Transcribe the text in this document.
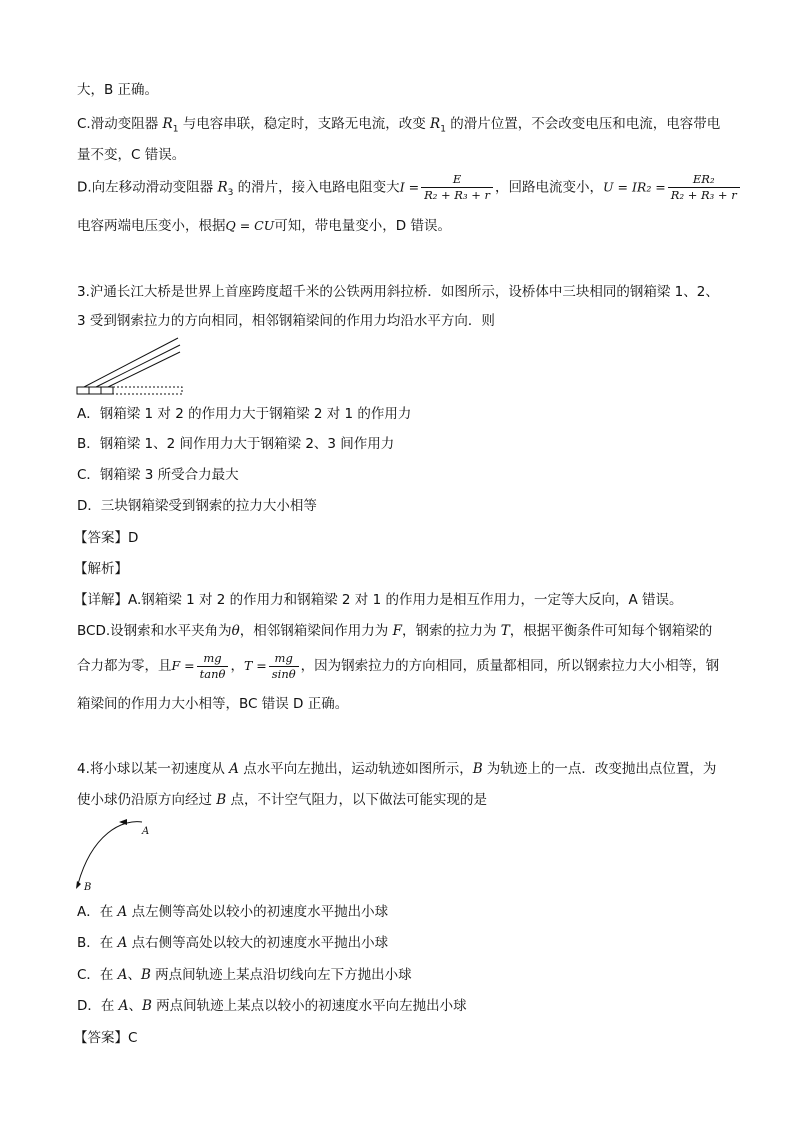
大，B 正确。
C.滑动变阻器 $R_1$ 与电容串联，稳定时，支路无电流，改变 $R_1$ 的滑片位置，不会改变电压和电流，电容带电
量不变，C 错误。
D.向左移动滑动变阻器 $R_3$ 的滑片，接入电路电阻变大$I = \frac{E}{\text{R₂ + R₃ + r}}$ ，回路电流变小，$U = IR_2 = \frac{\text{ER₂}}{\text{R₂ + R₃ + r}}$
电容两端电压变小，根据Q = CU可知，带电量变小，D 错误。
3.沪通长江大桥是世界上首座跨度超千米的公铁两用斜拉桥．如图所示，设桥体中三块相同的钢箱梁 1、2、
3 受到钢索拉力的方向相同，相邻钢箱梁间的作用力均沿水平方向．则
A．钢箱梁 1 对 2 的作用力大于钢箱梁 2 对 1 的作用力
B．钢箱梁 1、2 间作用力大于钢箱梁 2、3 间作用力
C．钢箱梁 3 所受合力最大
D．三块钢箱梁受到钢索的拉力大小相等
【答案】D
【解析】
【详解】A.钢箱梁 1 对 2 的作用力和钢箱梁 2 对 1 的作用力是相互作用力，一定等大反向，A 错误。
BCD.设钢索和水平夹角为θ，相邻钢箱梁间作用力为 F，钢索的拉力为 T，根据平衡条件可知每个钢箱梁的
合力都为零，且$F = \frac{mg}{\tan\theta}$ ，$T = \frac{mg}{\sin\theta}$ ，因为钢索拉力的方向相同，质量都相同，所以钢索拉力大小相等，钢
箱梁间的作用力大小相等，BC 错误 D 正确。
4.将小球以某一初速度从 A 点水平向左抛出，运动轨迹如图所示，B 为轨迹上的一点．改变抛出点位置，为
使小球仍沿原方向经过 B 点，不计空气阻力，以下做法可能实现的是
A
B
A．在 A 点左侧等高处以较小的初速度水平抛出小球
B．在 A 点右侧等高处以较大的初速度水平抛出小球
C．在 A、B 两点间轨迹上某点沿切线向左下方抛出小球
D．在 A、B 两点间轨迹上某点以较小的初速度水平向左抛出小球
【答案】C
